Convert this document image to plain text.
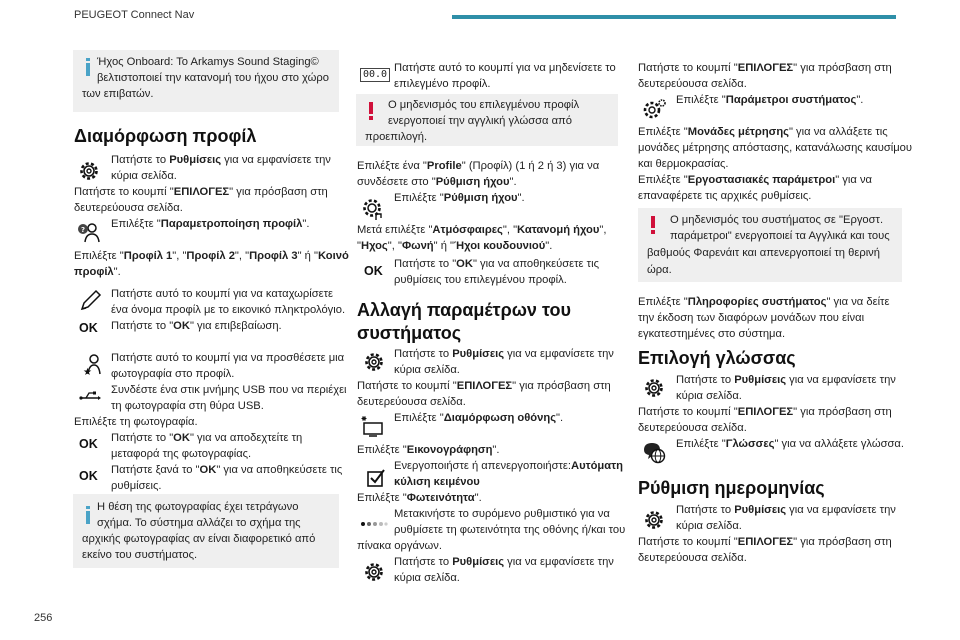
PEUGEOT Connect Nav
256
Ήχος Onboard: To Arkamys Sound Staging©
βελτιστοποιεί την κατανομή του ήχου στο χώρο
των επιβατών.
Διαμόρφωση προφίλ
Πατήστε το Ρυθμίσεις για να εμφανίσετε την
κύρια σελίδα.
Πατήστε το κουμπί "ΕΠΙΛΟΓΕΣ" για πρόσβαση στη
δευτερεύουσα σελίδα.
? Επιλέξτε "Παραμετροποίηση προφίλ".
Επιλέξτε "Προφίλ 1", "Προφίλ 2", "Προφίλ 3" ή "Κοινό
προφίλ".
Πατήστε αυτό το κουμπί για να καταχωρίσετε
ένα όνομα προφίλ με το εικονικό πληκτρολόγιο.
OK Πατήστε το "OK" για επιβεβαίωση.
★
Πατήστε αυτό το κουμπί για να προσθέσετε μια
φωτογραφία στο προφίλ.
Συνδέστε ένα στικ μνήμης USB που να περιέχει
τη φωτογραφία στη θύρα USB.
Επιλέξτε τη φωτογραφία.
OK Πατήστε το "OK" για να αποδεχτείτε τη
μεταφορά της φωτογραφίας.
OK Πατήστε ξανά το "OK" για να αποθηκεύσετε τις
ρυθμίσεις.
Η θέση της φωτογραφίας έχει τετράγωνο
σχήμα. Το σύστημα αλλάζει το σχήμα της
αρχικής φωτογραφίας αν είναι διαφορετικό από
εκείνο του συστήματος.
00.0
Πατήστε αυτό το κουμπί για να μηδενίσετε το
επιλεγμένο προφίλ.
Ο μηδενισμός του επιλεγμένου προφίλ
ενεργοποιεί την αγγλική γλώσσα από
προεπιλογή.
Επιλέξτε ένα "Profile" (Προφίλ) (1 ή 2 ή 3) για να
συνδέσετε στο "Ρύθμιση ήχου".
Επιλέξτε "Ρύθμιση ήχου".
Μετά επιλέξτε "Ατμόσφαιρες", "Κατανομή ήχου",
"Ηχος", "Φωνή" ή "Ήχοι κουδουνιού".
OK Πατήστε το "OK" για να αποθηκεύσετε τις
ρυθμίσεις του επιλεγμένου προφίλ.
Αλλαγή παραμέτρων του
συστήματος
Πατήστε το Ρυθμίσεις για να εμφανίσετε την
κύρια σελίδα.
Πατήστε το κουμπί "ΕΠΙΛΟΓΕΣ" για πρόσβαση στη
δευτερεύουσα σελίδα.
Επιλέξτε "Διαμόρφωση οθόνης".
Επιλέξτε "Εικονογράφηση".
Ενεργοποιήστε ή απενεργοποιήστε:Αυτόματη
κύλιση κειμένου
Επιλέξτε "Φωτεινότητα".
Μετακινήστε το συρόμενο ρυθμιστικό για να
ρυθμίσετε τη φωτεινότητα της οθόνης ή/και του
πίνακα οργάνων.
Πατήστε το Ρυθμίσεις για να εμφανίσετε την
κύρια σελίδα.
Πατήστε το κουμπί "ΕΠΙΛΟΓΕΣ" για πρόσβαση στη
δευτερεύουσα σελίδα.
Επιλέξτε "Παράμετροι συστήματος".
Επιλέξτε "Μονάδες μέτρησης" για να αλλάξετε τις
μονάδες μέτρησης απόστασης, κατανάλωσης καυσίμου
και θερμοκρασίας.
Επιλέξτε "Εργοστασιακές παράμετροι" για να
επαναφέρετε τις αρχικές ρυθμίσεις.
Ο μηδενισμός του συστήματος σε "Εργοστ.
παράμετροι" ενεργοποιεί τα Αγγλικά και τους
βαθμούς Φαρενάιτ και απενεργοποιεί τη θερινή
ώρα.
Επιλέξτε "Πληροφορίες συστήματος" για να δείτε
την έκδοση των διαφόρων μονάδων που είναι
εγκατεστημένες στο σύστημα.
Επιλογή γλώσσας
Πατήστε το Ρυθμίσεις για να εμφανίσετε την
κύρια σελίδα.
Πατήστε το κουμπί "ΕΠΙΛΟΓΕΣ" για πρόσβαση στη
δευτερεύουσα σελίδα.
Επιλέξτε "Γλώσσες" για να αλλάξετε γλώσσα.
Ρύθμιση ημερομηνίας
Πατήστε το Ρυθμίσεις για να εμφανίσετε την
κύρια σελίδα.
Πατήστε το κουμπί "ΕΠΙΛΟΓΕΣ" για πρόσβαση στη
δευτερεύουσα σελίδα.
